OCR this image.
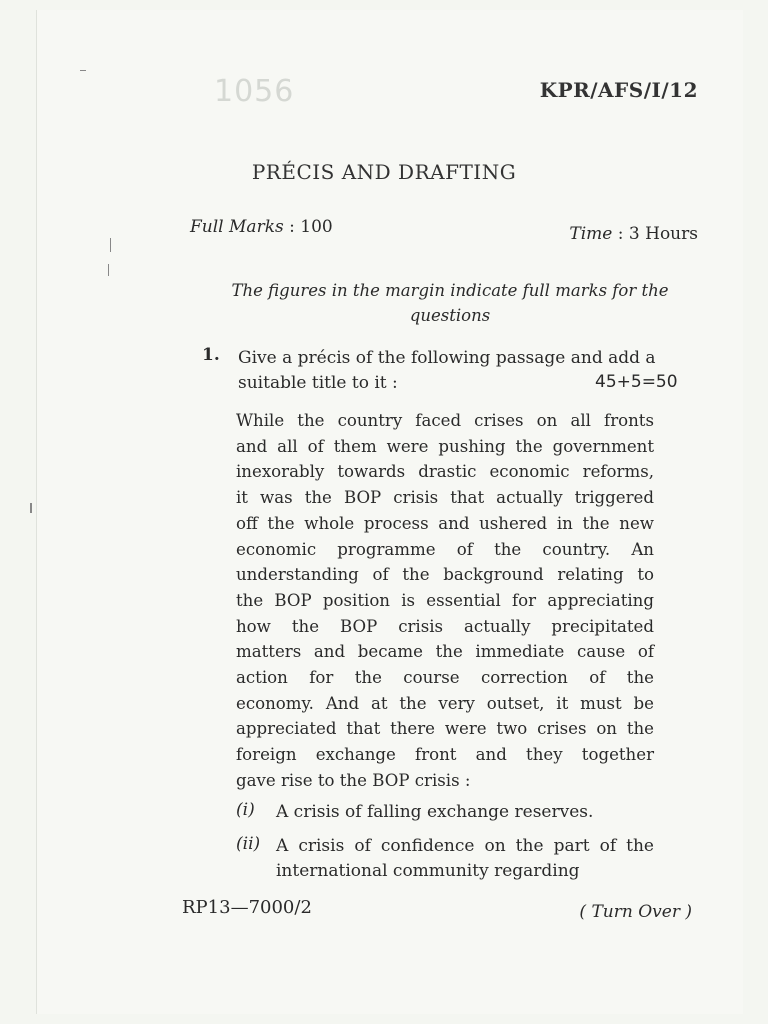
1056	KPR/AFS/I/12
PRÉCIS AND DRAFTING
Full Marks : 100	Time : 3 Hours
The figures in the margin indicate full marks for the questions
1. Give a précis of the following passage and add a suitable title to it :	45+5=50
While the country faced crises on all fronts
and all of them were pushing the government
inexorably towards drastic economic reforms,
it was the BOP crisis that actually triggered
off the whole process and ushered in the new
economic programme of the country. An
understanding of the background relating to
the BOP position is essential for appreciating
how the BOP crisis actually precipitated
matters and became the immediate cause of
action for the course correction of the
economy. And at the very outset, it must be
appreciated that there were two crises on the
foreign exchange front and they together
gave rise to the BOP crisis :
(i) A crisis of falling exchange reserves.
(ii) A crisis of confidence on the part of the international community regarding
RP13—7000/2	( Turn Over )
